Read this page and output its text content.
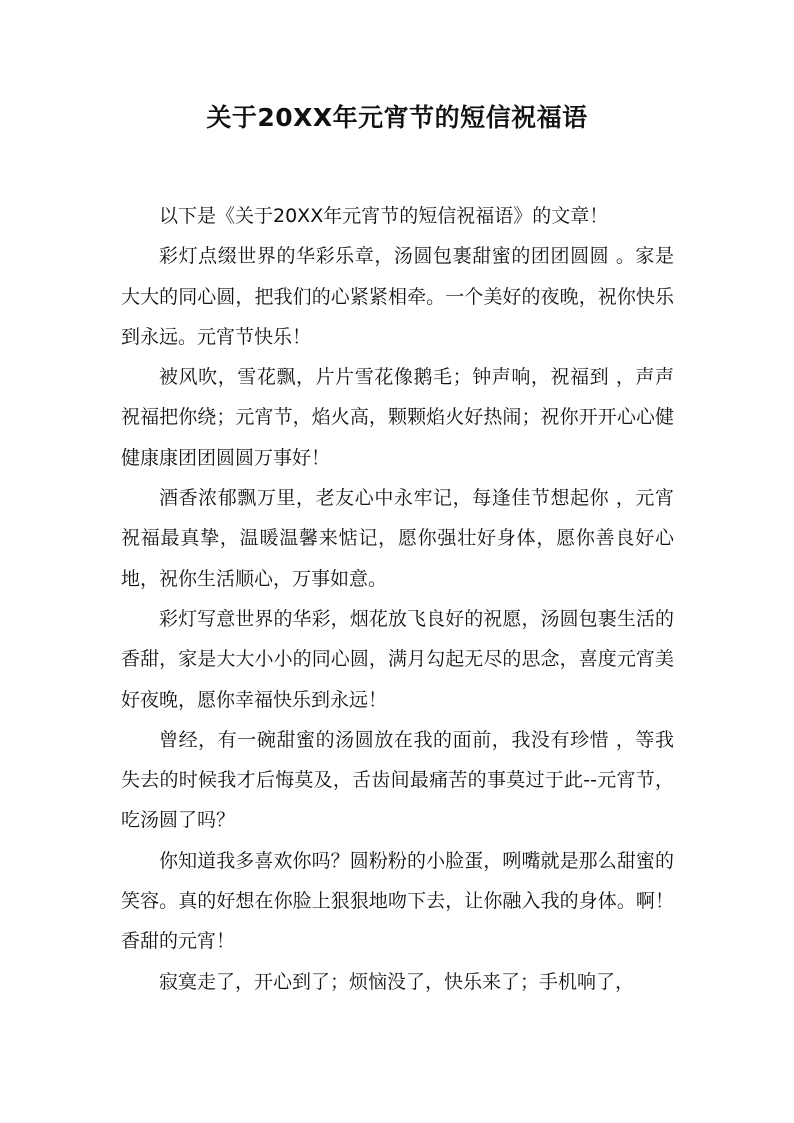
关于20XX年元宵节的短信祝福语

以下是《关于20XX年元宵节的短信祝福语》的文章！

彩灯点缀世界的华彩乐章，汤圆包裹甜蜜的团团圆圆 。家是大大的同心圆，把我们的心紧紧相牵。一个美好的夜晚，祝你快乐到永远。元宵节快乐！

被风吹，雪花飘，片片雪花像鹅毛；钟声响，祝福到 ，声声祝福把你绕；元宵节，焰火高，颗颗焰火好热闹；祝你开开心心健健康康团团圆圆万事好！

酒香浓郁飘万里，老友心中永牢记，每逢佳节想起你 ，元宵祝福最真挚，温暖温馨来惦记，愿你强壮好身体，愿你善良好心地，祝你生活顺心，万事如意。

彩灯写意世界的华彩，烟花放飞良好的祝愿，汤圆包裹生活的香甜，家是大大小小的同心圆，满月勾起无尽的思念，喜度元宵美好夜晚，愿你幸福快乐到永远！

曾经，有一碗甜蜜的汤圆放在我的面前，我没有珍惜 ，等我失去的时候我才后悔莫及，舌齿间最痛苦的事莫过于此--元宵节，吃汤圆了吗？

你知道我多喜欢你吗？圆粉粉的小脸蛋，咧嘴就是那么甜蜜的笑容。真的好想在你脸上狠狠地吻下去，让你融入我的身体。啊！香甜的元宵！

寂寞走了，开心到了；烦恼没了，快乐来了；手机响了，
